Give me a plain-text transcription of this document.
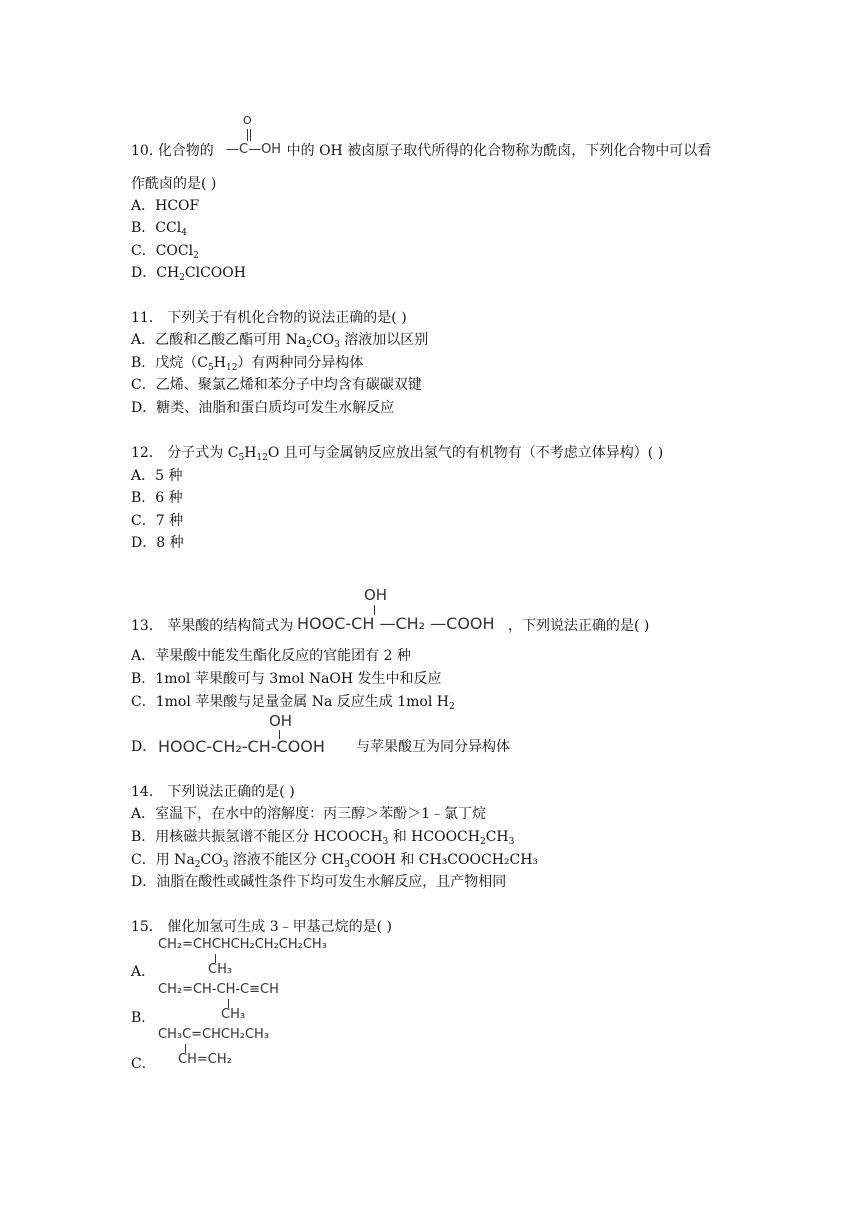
10. 化合物的	中的 OH 被卤原子取代所得的化合物称为酰卤，下列化合物中可以看
O
—C—OH
作酰卤的是( )
A．HCOF
B．CCl$_4$
C．COCl$_2$
D．$CH_2ClCOOH$
11． 下列关于有机化合物的说法正确的是( )
A．乙酸和乙酸乙酯可用 $Na_2CO_3$ 溶液加以区别
B．戊烷$(C_5H_{12})$有两种同分异构体
C．乙烯、聚氯乙烯和苯分子中均含有碳碳双键
D．糖类、油脂和蛋白质均可发生水解反应
12． 分子式为 $C_5H_{12}O$ 且可与金属钠反应放出氢气的有机物有（不考虑立体异构）( )
A．5 种
B．6 种
C．7 种
D．8 种
13． 苹果酸的结构简式为
OH
HOOC-CH —CH₂ —COOH ，下列说法正确的是( )
A．苹果酸中能发生酯化反应的官能团有 2 种
B．1mol 苹果酸可与 3mol NaOH 发生中和反应
C．1mol 苹果酸与足量金属 Na 反应生成 1mol $H_2$
D．
OH
HOOC-CH₂-CH-COOH 与苹果酸互为同分异构体
14． 下列说法正确的是( )
A．室温下，在水中的溶解度：丙三醇＞苯酚＞1﹣氯丁烷
B．用核磁共振氢谱不能区分 $HCOOCH_3$ 和 $HCOOCH_2CH_3$
C．用 $Na_2CO_3$ 溶液不能区分 $CH_3COOH$ 和 CH₃COOCH₂CH₃
D．油脂在酸性或碱性条件下均可发生水解反应，且产物相同
15． 催化加氢可生成 3﹣甲基己烷的是( )
A．
CH₂=CHCHCH₂CH₂CH₂CH₃
CH₃
B．
CH₂=CH-CH-C≡CH
CH₃
C．
CH₃C=CHCH₂CH₃
CH=CH₂
